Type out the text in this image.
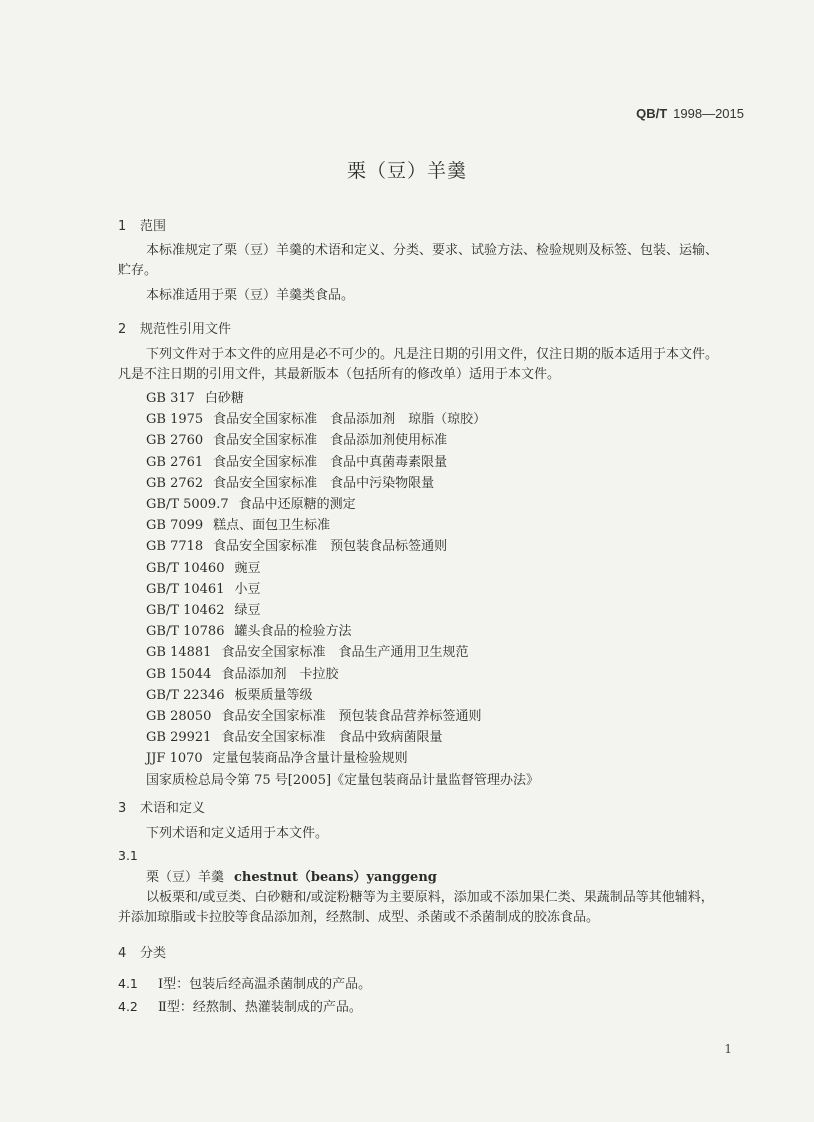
QB/T 1998—2015
栗（豆）羊羹
1 范围
本标准规定了栗（豆）羊羹的术语和定义、分类、要求、试验方法、检验规则及标签、包装、运输、
贮存。
本标准适用于栗（豆）羊羹类食品。
2 规范性引用文件
下列文件对于本文件的应用是必不可少的。凡是注日期的引用文件，仅注日期的版本适用于本文件。
凡是不注日期的引用文件，其最新版本（包括所有的修改单）适用于本文件。
GB 317 白砂糖
GB 1975 食品安全国家标准　食品添加剂　琼脂（琼胶）
GB 2760 食品安全国家标准　食品添加剂使用标准
GB 2761 食品安全国家标准　食品中真菌毒素限量
GB 2762 食品安全国家标准　食品中污染物限量
GB/T 5009.7 食品中还原糖的测定
GB 7099 糕点、面包卫生标准
GB 7718 食品安全国家标准　预包装食品标签通则
GB/T 10460 豌豆
GB/T 10461 小豆
GB/T 10462 绿豆
GB/T 10786 罐头食品的检验方法
GB 14881 食品安全国家标准　食品生产通用卫生规范
GB 15044 食品添加剂　卡拉胶
GB/T 22346 板栗质量等级
GB 28050 食品安全国家标准　预包装食品营养标签通则
GB 29921 食品安全国家标准　食品中致病菌限量
JJF 1070 定量包装商品净含量计量检验规则
国家质检总局令第 75 号[2005]《定量包装商品计量监督管理办法》
3 术语和定义
下列术语和定义适用于本文件。
3.1
栗（豆）羊羹 chestnut（beans）yanggeng
以板栗和/或豆类、白砂糖和/或淀粉糖等为主要原料，添加或不添加果仁类、果蔬制品等其他辅料，
并添加琼脂或卡拉胶等食品添加剂，经熬制、成型、杀菌或不杀菌制成的胶冻食品。
4 分类
4.1 Ⅰ型：包装后经高温杀菌制成的产品。
4.2 Ⅱ型：经熬制、热灌装制成的产品。
1
